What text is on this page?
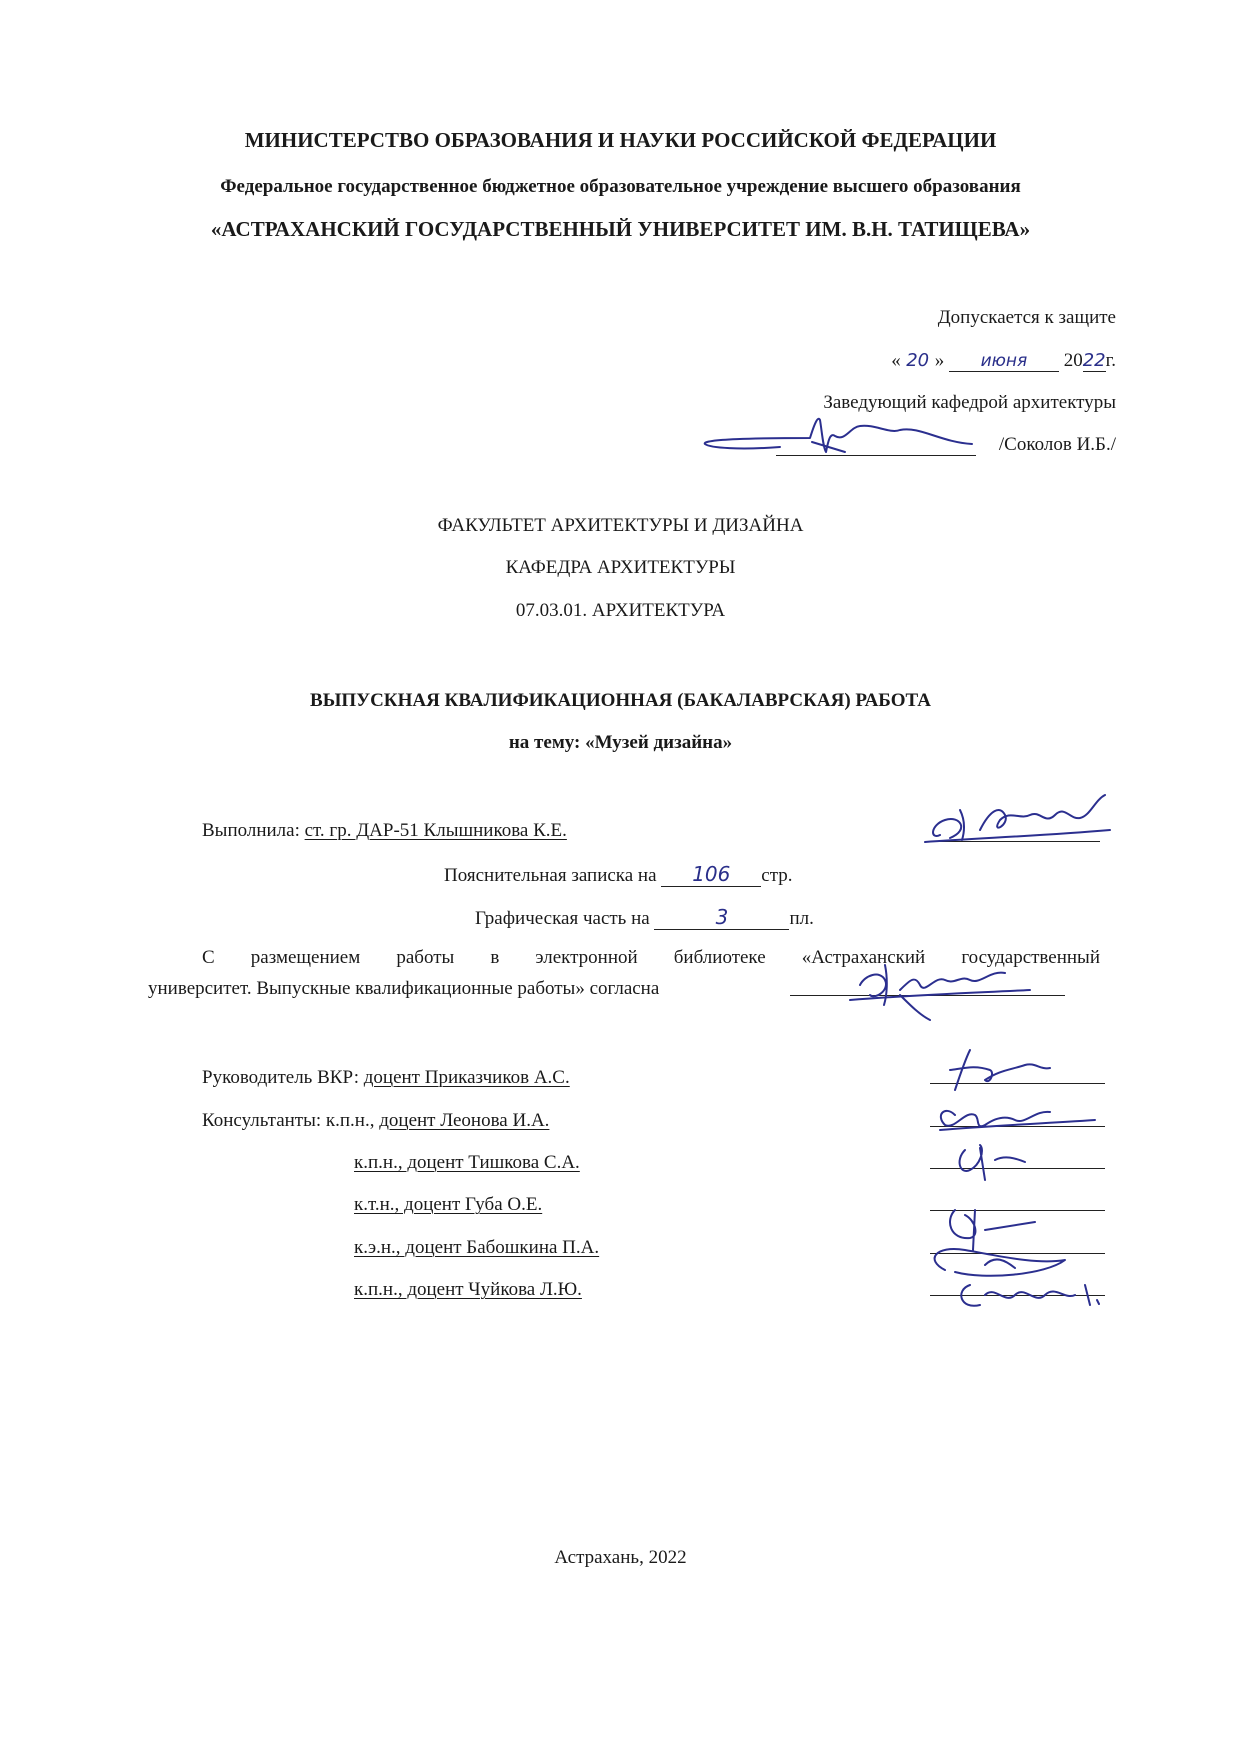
МИНИСТЕРСТВО ОБРАЗОВАНИЯ И НАУКИ РОССИЙСКОЙ ФЕДЕРАЦИИ
Федеральное государственное бюджетное образовательное учреждение высшего образования
«АСТРАХАНСКИЙ ГОСУДАРСТВЕННЫЙ УНИВЕРСИТЕТ ИМ. В.Н. ТАТИЩЕВА»
Допускается к защите
« 20 » июня 2022г.
Заведующий кафедрой архитектуры
/Соколов И.Б./
ФАКУЛЬТЕТ АРХИТЕКТУРЫ И ДИЗАЙНА
КАФЕДРА АРХИТЕКТУРЫ
07.03.01. АРХИТЕКТУРА
ВЫПУСКНАЯ КВАЛИФИКАЦИОННАЯ (БАКАЛАВРСКАЯ) РАБОТА
на тему: «Музей дизайна»
Выполнила: ст. гр. ДАР-51 Клышникова К.Е.
Пояснительная записка на 106 стр.
Графическая часть на	3	пл.
С размещением работы в электронной библиотеке «Астраханский государственный
университет. Выпускные квалификационные работы» согласна
Руководитель ВКР: доцент Приказчиков А.С.
Консультанты: к.п.н., доцент Леонова И.А.
к.п.н., доцент Тишкова С.А.
к.т.н., доцент Губа О.Е.
к.э.н., доцент Бабошкина П.А.
к.п.н., доцент Чуйкова Л.Ю.
Астрахань, 2022
